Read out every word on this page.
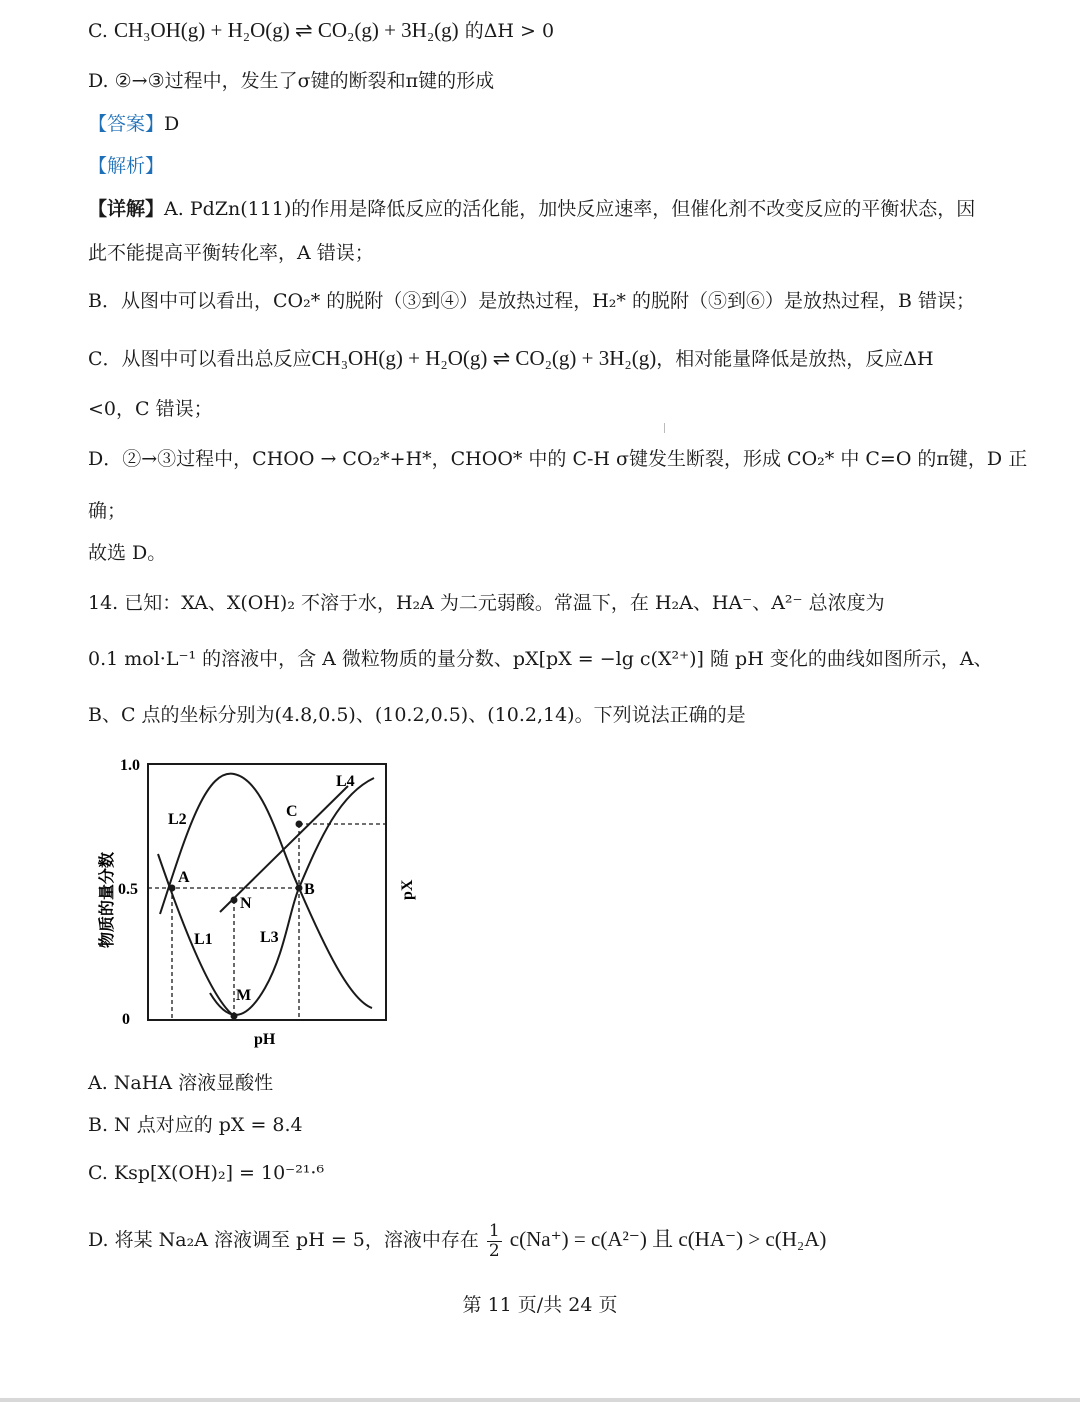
C. CH₃OH(g) + H₂O(g) ⇌ CO₂(g) + 3H₂(g) 的ΔH > 0
D. ②→③过程中，发生了σ键的断裂和π键的形成
【答案】D
【解析】
【详解】A. PdZn(111)的作用是降低反应的活化能，加快反应速率，但催化剂不改变反应的平衡状态，因
此不能提高平衡转化率，A 错误；
B．从图中可以看出，CO₂* 的脱附（③到④）是放热过程，H₂* 的脱附（⑤到⑥）是放热过程，B 错误；
C．从图中可以看出总反应CH₃OH(g) + H₂O(g) ⇌ CO₂(g) + 3H₂(g)，相对能量降低是放热，反应ΔH
<0，C 错误；
D．②→③过程中，CHOO → CO₂*+H*，CHOO* 中的 C-H σ键发生断裂，形成 CO₂* 中 C=O 的π键，D 正
确；
故选 D。
14. 已知：XA、X(OH)₂ 不溶于水，H₂A 为二元弱酸。常温下，在 H₂A、HA⁻、A²⁻ 总浓度为
0.1 mol·L⁻¹ 的溶液中，含 A 微粒物质的量分数、pX[pX = −lg c(X²⁺)] 随 pH 变化的曲线如图所示，A、
B、C 点的坐标分别为(4.8,0.5)、(10.2,0.5)、(10.2,14)。下列说法正确的是
1.0
0.5
0
物质的量分数	pX
pH
A
B
C
N
M
L2
L1	L3
L4
A. NaHA 溶液显酸性
B. N 点对应的 pX = 8.4
C. Ksp[X(OH)₂] = 10⁻²¹·⁶
D. 将某 Na₂A 溶液调至 pH = 5，溶液中存在 $\frac{1}{2} c(Na^+) = c(A^{2-})$ 且 c(HA⁻) > c(H₂A)
第 11 页/共 24 页
